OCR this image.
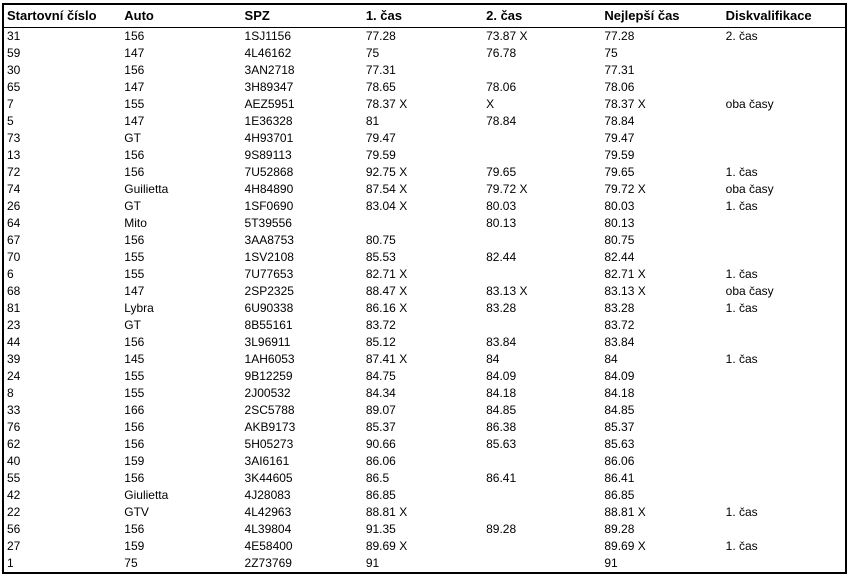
Startovní číslo	Auto	SPZ	1. čas	2. čas	Nejlepší čas	Diskvalifikace
31	156	1SJ1156	77.28	73.87 X	77.28	2. čas
59	147	4L46162	75	76.78	75	
30	156	3AN2718	77.31		77.31	
65	147	3H89347	78.65	78.06	78.06	
7	155	AEZ5951	78.37 X	X	78.37 X	oba časy
5	147	1E36328	81	78.84	78.84	
73	GT	4H93701	79.47		79.47	
13	156	9S89113	79.59		79.59	
72	156	7U52868	92.75 X	79.65	79.65	1. čas
74	Guilietta	4H84890	87.54 X	79.72 X	79.72 X	oba časy
26	GT	1SF0690	83.04 X	80.03	80.03	1. čas
64	Mito	5T39556		80.13	80.13	
67	156	3AA8753	80.75		80.75	
70	155	1SV2108	85.53	82.44	82.44	
6	155	7U77653	82.71 X		82.71 X	1. čas
68	147	2SP2325	88.47 X	83.13 X	83.13 X	oba časy
81	Lybra	6U90338	86.16 X	83.28	83.28	1. čas
23	GT	8B55161	83.72		83.72	
44	156	3L96911	85.12	83.84	83.84	
39	145	1AH6053	87.41 X	84	84	1. čas
24	155	9B12259	84.75	84.09	84.09	
8	155	2J00532	84.34	84.18	84.18	
33	166	2SC5788	89.07	84.85	84.85	
76	156	AKB9173	85.37	86.38	85.37	
62	156	5H05273	90.66	85.63	85.63	
40	159	3AI6161	86.06		86.06	
55	156	3K44605	86.5	86.41	86.41	
42	Giulietta	4J28083	86.85		86.85	
22	GTV	4L42963	88.81 X		88.81 X	1. čas
56	156	4L39804	91.35	89.28	89.28	
27	159	4E58400	89.69 X		89.69 X	1. čas
1	75	2Z73769	91		91	
